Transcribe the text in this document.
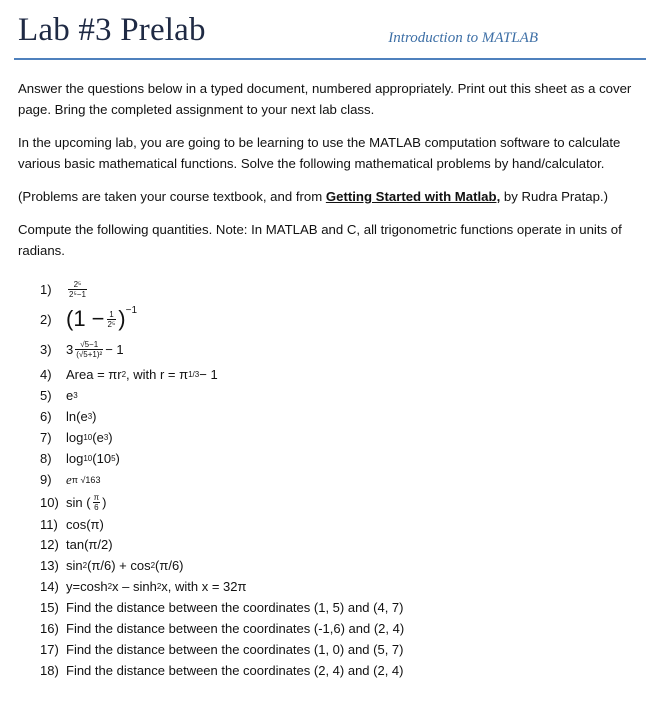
Lab #3 Prelab	Introduction to MATLAB
Answer the questions below in a typed document, numbered appropriately. Print out this sheet as a cover page. Bring the completed assignment to your next lab class.
In the upcoming lab, you are going to be learning to use the MATLAB computation software to calculate various basic mathematical functions. Solve the following mathematical problems by hand/calculator.
(Problems are taken your course textbook, and from Getting Started with Matlab, by Rudra Pratap.)
Compute the following quantities. Note: In MATLAB and C, all trigonometric functions operate in units of radians.
1)	$\frac{\text{2⁵}}{\text{2⁵−1}}$
2) $(1 - \frac{1}{\text{2⁵}} )^{-1}$
3)	$3 \frac{√5-1}{\text{(√5+1)²}} - 1$
4)	Area = πr 2 , with r = π 1/3 − 1
5)	e 3
6)	ln(e 3 )
7)	log 10 (e 3 )
8)	log 10 (10 5 )
9)	e π √163
10) sin ( $\frac{\pi}{6}$ )
11) cos(π)
12) tan(π/2)
13) sin 2 (π/6) + cos 2 (π/6)
14) y=cosh 2 x – sinh 2 x, with x = 32π
15) Find the distance between the coordinates (1, 5) and (4, 7)
16) Find the distance between the coordinates (-1,6) and (2, 4)
17) Find the distance between the coordinates (1, 0) and (5, 7)
18) Find the distance between the coordinates (2, 4) and (2, 4)
